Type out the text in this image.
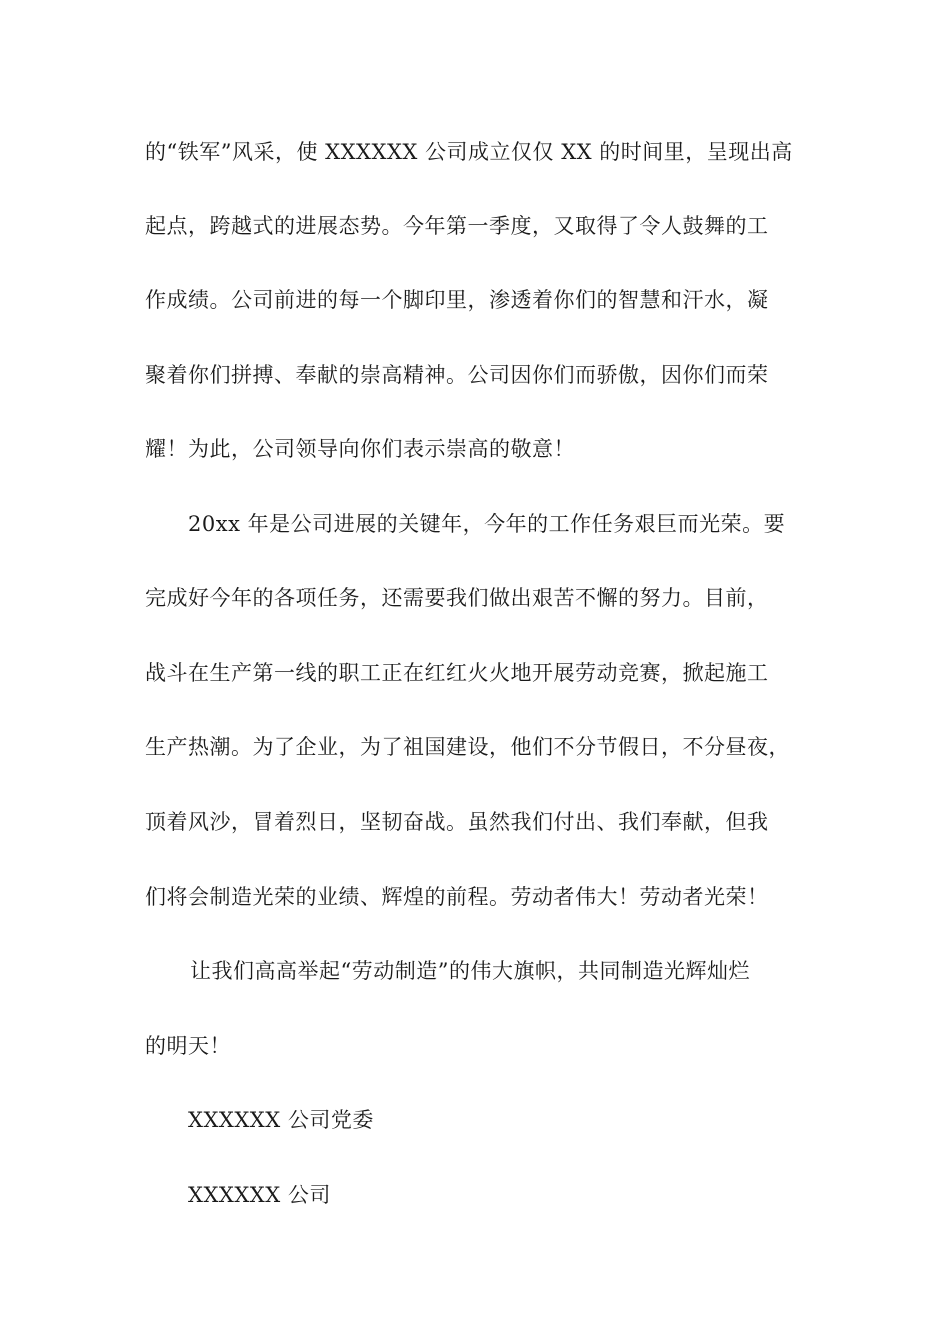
的“铁军”风采，使 XXXXXX 公司成立仅仅 XX 的时间里，呈现出高
起点，跨越式的进展态势。今年第一季度，又取得了令人鼓舞的工
作成绩。公司前进的每一个脚印里，渗透着你们的智慧和汗水，凝
聚着你们拼搏、奉献的崇高精神。公司因你们而骄傲，因你们而荣
耀！为此，公司领导向你们表示崇高的敬意！
20xx 年是公司进展的关键年，今年的工作任务艰巨而光荣。要
完成好今年的各项任务，还需要我们做出艰苦不懈的努力。目前，
战斗在生产第一线的职工正在红红火火地开展劳动竞赛，掀起施工
生产热潮。为了企业，为了祖国建设，他们不分节假日，不分昼夜，
顶着风沙，冒着烈日，坚韧奋战。虽然我们付出、我们奉献，但我
们将会制造光荣的业绩、辉煌的前程。劳动者伟大！劳动者光荣！
让我们高高举起“劳动制造”的伟大旗帜，共同制造光辉灿烂
的明天！
XXXXXX 公司党委
XXXXXX 公司
